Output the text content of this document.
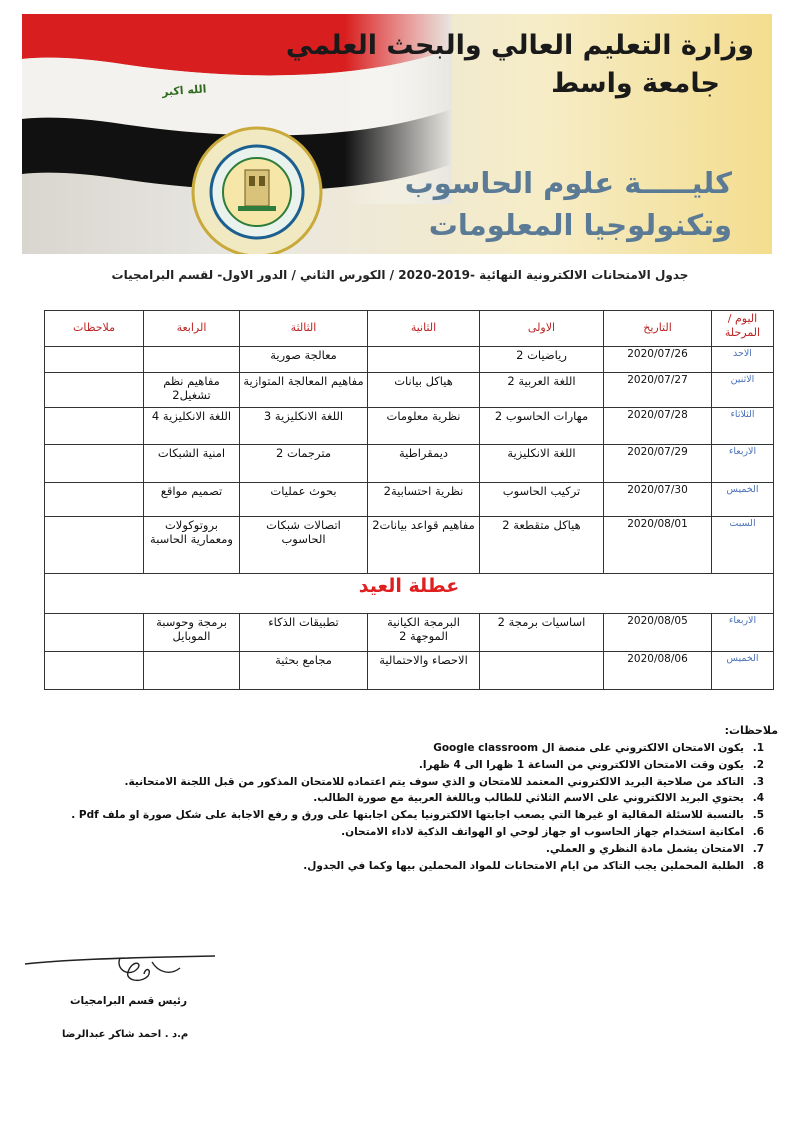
الله اكبر
وزارة التعليم العالي والبحث العلمي
جامعة واسط
كليـــــة علوم الحاسوب
وتكنولوجيا المعلومات
جدول الامتحانات الالكترونية النهائية -2019-2020 / الكورس الثاني / الدور الاول- لقسم البرامجيات
اليوم / المرحلة	التاريخ	الاولى	الثانية	الثالثة	الرابعة	ملاحظات
الاحد	2020/07/26	رياضيات 2		معالجة صورية		
الاثنين	2020/07/27	اللغة العربية 2	هياكل بيانات	مفاهيم المعالجة المتوازية	مفاهيم نظم تشغيل2	
الثلاثاء	2020/07/28	مهارات الحاسوب 2	نظرية معلومات	اللغة الانكليزية 3	اللغة الانكليزية 4	
الاربعاء	2020/07/29	اللغة الانكليزية	ديمقراطية	مترجمات 2	امنية الشبكات	
الخميس	2020/07/30	تركيب الحاسوب	نظرية احتسابية2	بحوث عمليات	تصميم مواقع	
السبت	2020/08/01	هياكل متقطعة 2	مفاهيم قواعد بيانات2	اتصالات شبكات الحاسوب	بروتوكولات ومعمارية الحاسبة	
عطلة العيد						
الاربعاء	2020/08/05	اساسيات برمجة 2	البرمجة الكيانية الموجهة 2	تطبيقات الذكاء	برمجة وحوسبة الموبايل	
الخميس	2020/08/06		الاحصاء والاحتمالية	مجامع بحثية		
ملاحظات:
1.
يكون الامتحان الالكتروني على منصة ال Google classroom
2.
يكون وقت الامتحان الالكتروني من الساعة 1 ظهرا الى 4 ظهرا.
3.
التاكد من صلاحية البريد الالكتروني المعتمد للامتحان و الذي سوف يتم اعتماده للامتحان المذكور من قبل اللجنة الامتحانية.
4.
يحتوي البريد الالكتروني على الاسم الثلاثي للطالب وباللغة العربية مع صورة الطالب.
5.
بالنسبة للاسئلة المقالية او غيرها التي يصعب اجابتها الالكترونيا يمكن اجابتها على ورق و رفع الاجابة على شكل صورة او ملف Pdf .
6.
امكانية استخدام جهاز الحاسوب او جهاز لوحي او الهواتف الذكية لاداء الامتحان.
7.
الامتحان يشمل مادة النظري و العملي.
8.
الطلبة المحملين يجب التاكد من ايام الامتحانات للمواد المحملين بيها وكما في الجدول.
رئيس قسم البرامجيات
م.د . احمد شاكر عبدالرضا
